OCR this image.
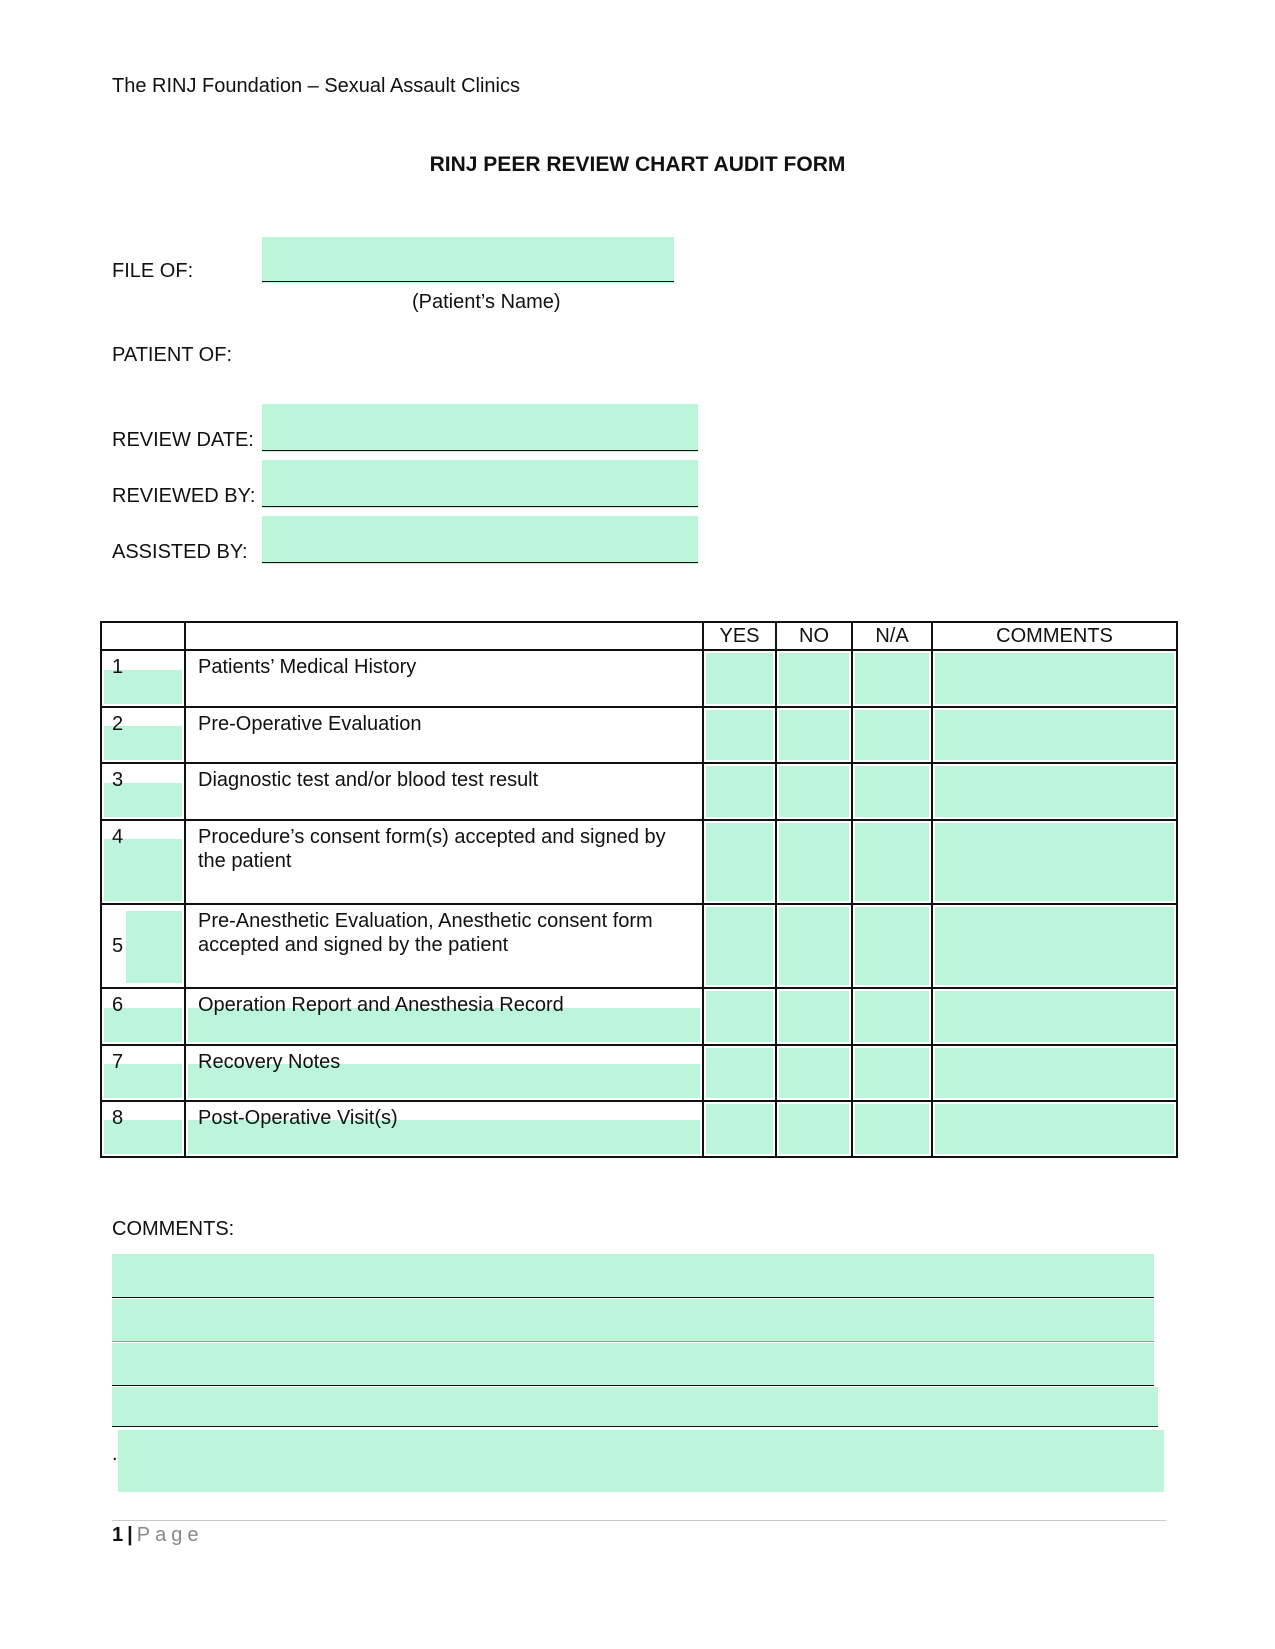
The RINJ Foundation – Sexual Assault Clinics
RINJ PEER REVIEW CHART AUDIT FORM
FILE OF:
(Patient’s Name)
PATIENT OF:
REVIEW DATE:
REVIEWED BY:
ASSISTED BY:
		YES	NO	N/A	COMMENTS

1	Patients’ Medical History	

2	Pre-Operative Evaluation	

3	Diagnostic test and/or blood test result	

4	Procedure’s consent form(s) accepted and signed by the patient	

5	Pre-Anesthetic Evaluation, Anesthetic consent form accepted and signed by the patient	

6	Operation Report and Anesthesia Record	

7	Recovery Notes	

8	Post-Operative Visit(s)	

COMMENTS:
.
1 | Page
